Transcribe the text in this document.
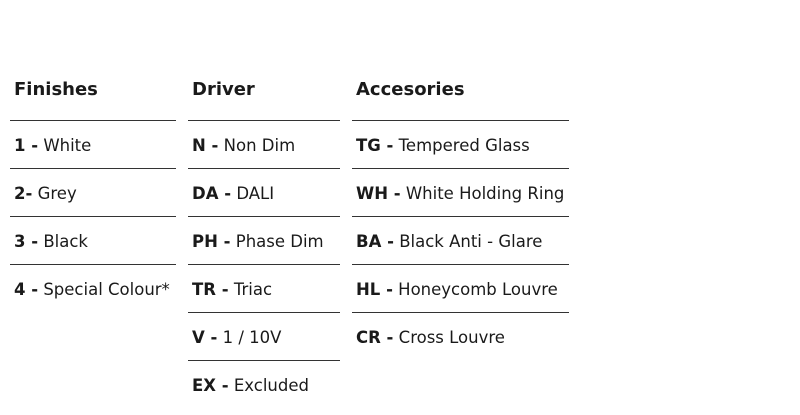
Finishes
1 - White
2- Grey
3 - Black
4 - Special Colour*
Driver
N - Non Dim
DA - DALI
PH - Phase Dim
TR - Triac
V - 1 / 10V
EX - Excluded
Accesories
TG - Tempered Glass
WH - White Holding Ring
BA - Black Anti - Glare
HL - Honeycomb Louvre
CR - Cross Louvre
